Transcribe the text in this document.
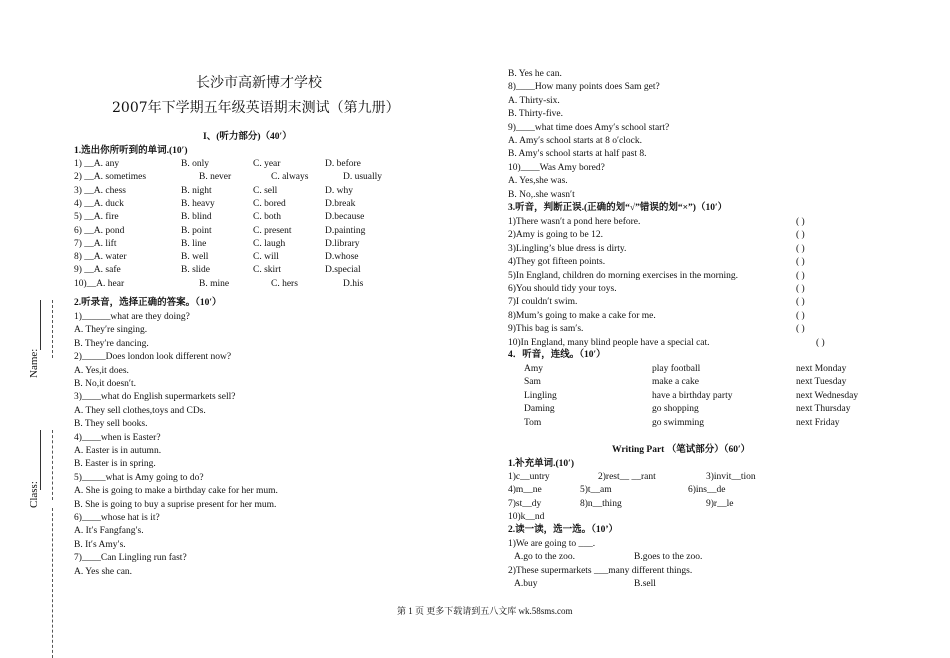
Name:
Class:
长沙市高新博才学校
2007年下学期五年级英语期末测试（第九册）
I、(听力部分)（40′）
1.选出你所听到的单词.(10′)
1) __A. any	B. only	C. year	D. before
2) __A. sometimes	B. never	C. always	D. usually
3) __A. chess	B. night	C. sell	D. why
4) __A. duck	B. heavy	C. bored	D.break
5) __A. fire	B. blind	C. both	D.because
6) __A. pond	B. point	C. present	D.painting
7) __A. lift	B. line	C. laugh	D.library
8) __A. water	B. well	C. will	D.whose
9) __A. safe	B. slide	C. skirt	D.special
10)__A. hear	B. mine	C. hers	D.his
2.听录音，选择正确的答案。（10′）
1)______what are they doing?
A. They′re singing.
B. They′re dancing.
2)_____Does london look different now?
A. Yes,it does.
B. No,it doesn′t.
3)____what do English supermarkets sell?
A. They sell clothes,toys and CDs.
B. They sell books.
4)____when is Easter?
A. Easter is in autumn.
B. Easter is in spring.
5)_____what is Amy going to do?
A. She is going to make a birthday cake for her mum.
B. She is going to buy a suprise present for her mum.
6)____whose hat is it?
A. It′s Fangfang′s.
B. It′s Amy′s.
7)____Can Lingling run fast?
A. Yes she can.
B. Yes he can.
8)____How many points does Sam get?
A. Thirty-six.
B. Thirty-five.
9)____what time does Amy′s school start?
A. Amy′s school starts at 8 o′clock.
B. Amy′s school starts at half past 8.
10)____Was Amy bored?
A. Yes,she was.
B. No,.she wasn′t
3.听音，判断正误.(正确的划“√”错误的划“×”)（10′）
1)There wasn′t a pond here before.	( )
2)Amy is going to be 12.	( )
3)Lingling’s blue dress is dirty.	( )
4)They got fifteen points.	( )
5)In England, children do morning exercises in the morning.	( )
6)You should tidy your toys.	( )
7)I couldn′t swim.	( )
8)Mum’s going to make a cake for me.	( )
9)This bag is sam′s.	( )
10)In England, many blind people have a special cat.	( )
4．听音，连线。（10′）
Amy	play football	next Monday
Sam	make a cake	next Tuesday
Lingling	have a birthday party	next Wednesday
Daming	go shopping	next Thursday
Tom	go swimming	next Friday
Writing Part （笔试部分）（60′）
1.补充单词.(10′)
1)c__untry	2)rest__ __rant	3)invit__tion
4)m__ne	5)t__am	6)ins__de
7)st__dy	8)n__thing	9)r__le
10)k__nd
2.读一读，选一选。（10’）
1)We are going to ___.
A.go to the zoo.	B.goes to the zoo.
2)These supermarkets ___many different things.
A.buy	B.sell
第 1 页 更多下载请到五八文库 wk.58sms.com
